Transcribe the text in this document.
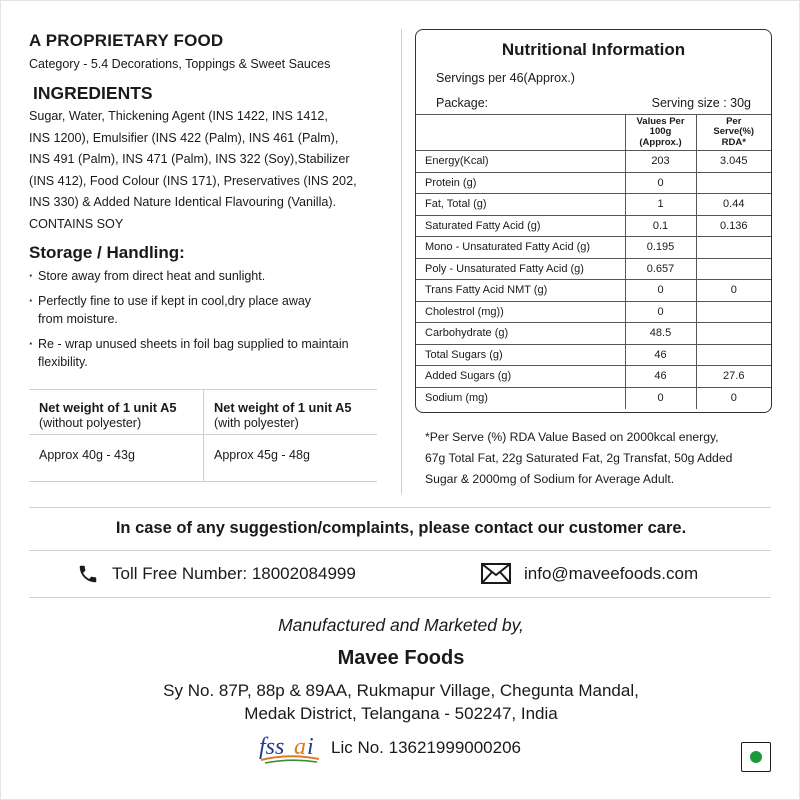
A PROPRIETARY FOOD
Category - 5.4 Decorations, Toppings & Sweet Sauces
INGREDIENTS
Sugar, Water, Thickening Agent (INS 1422, INS 1412,
INS 1200), Emulsifier (INS 422 (Palm), INS 461 (Palm),
INS 491 (Palm), INS 471 (Palm), INS 322 (Soy),Stabilizer
(INS 412), Food Colour (INS 171), Preservatives (INS 202,
INS 330) & Added Nature Identical Flavouring (Vanilla).
CONTAINS SOY
Storage / Handling:
· Store away from direct heat and sunlight.
· Perfectly fine to use if kept in cool,dry place away
from moisture.
· Re - wrap unused sheets in foil bag supplied to maintain
flexibility.
Net weight of 1 unit A5
(without polyester)
Net weight of 1 unit A5
(with polyester)
Approx 40g - 43g	Approx 45g - 48g
Nutritional Information
Servings per 46(Approx.)
Package:	Serving size : 30g
	Values Per
100g
(Approx.)	Per
Serve(%)
RDA*
Energy(Kcal)	203	3.045
Protein (g)	0	
Fat, Total (g)	1	0.44
Saturated Fatty Acid (g)	0.1	0.136
Mono - Unsaturated Fatty Acid (g)	0.195	
Poly - Unsaturated Fatty Acid (g)	0.657	
Trans Fatty Acid NMT (g)	0	0
Cholestrol (mg))	0	
Carbohydrate (g)	48.5	
Total Sugars (g)	46	
Added Sugars (g)	46	27.6
Sodium (mg)	0	0
*Per Serve (%) RDA Value Based on 2000kcal energy,
67g Total Fat, 22g Saturated Fat, 2g Transfat, 50g Added
Sugar & 2000mg of Sodium for Average Adult.
In case of any suggestion/complaints, please contact our customer care.
Toll Free Number: 18002084999	info@maveefoods.com
Manufactured and Marketed by,
Mavee Foods
Sy No. 87P, 88p & 89AA, Rukmapur Village, Chegunta Mandal,
Medak District, Telangana - 502247, India
fss a i Lic No. 13621999000206
